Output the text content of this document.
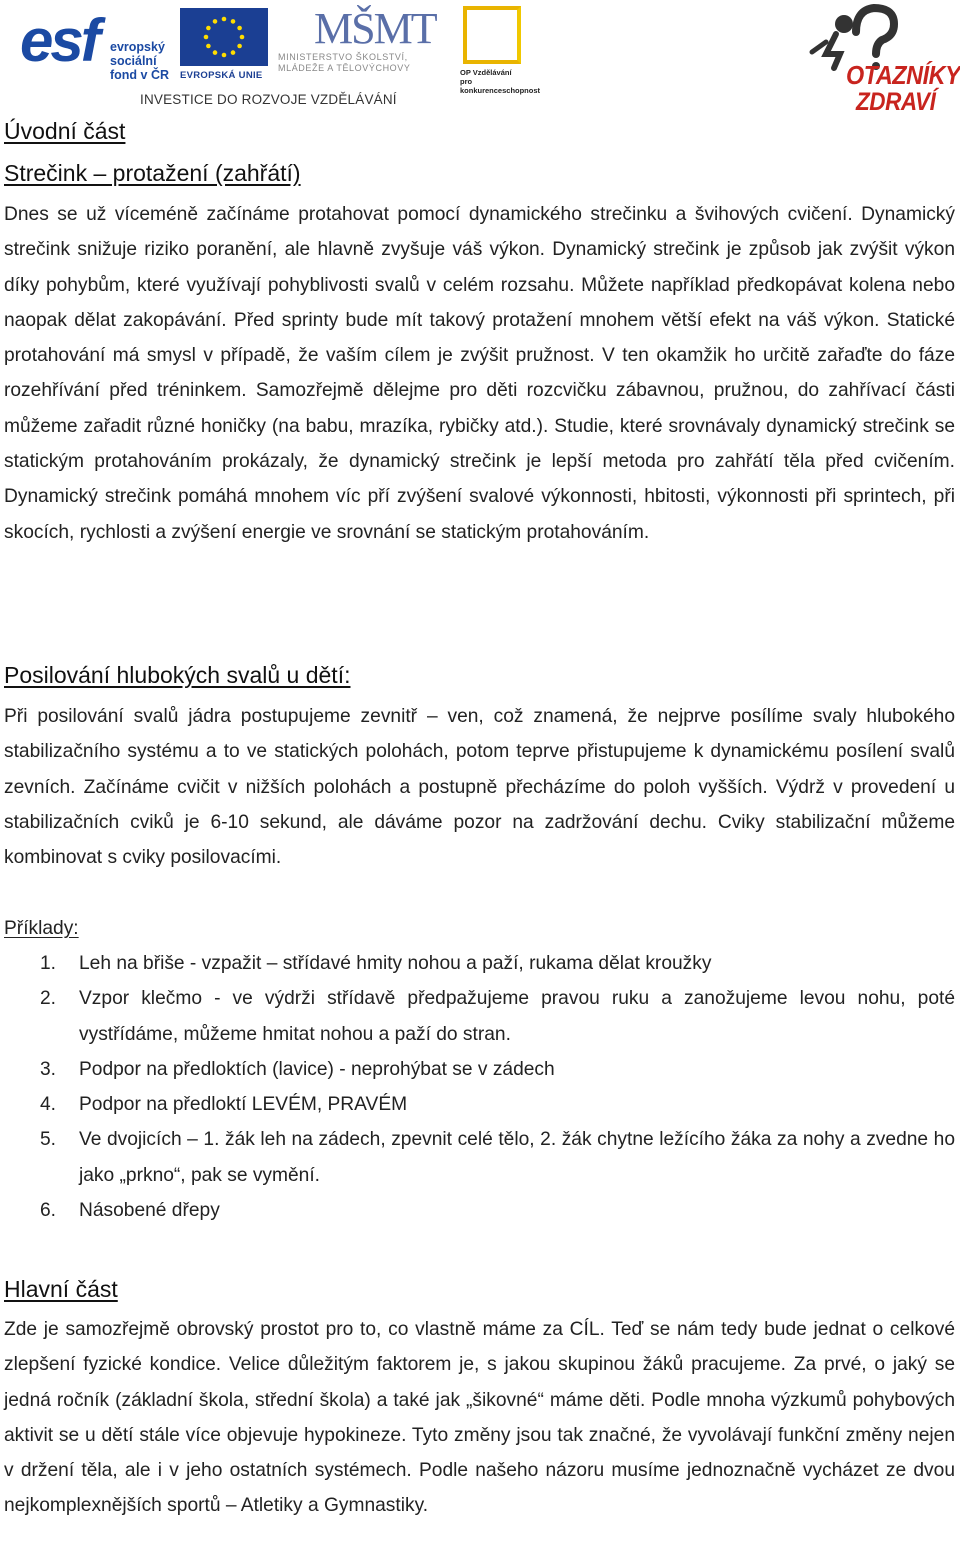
esf evropský
sociální
fond v ČR EVROPSKÁ UNIE
MŠMT
MINISTERSTVO ŠKOLSTVÍ,
MLÁDEŽE A TĚLOVÝCHOVY	OP Vzdělávání
pro konkurenceschopnost
INVESTICE DO ROZVOJE VZDĚLÁVÁNÍ
OTAZNÍKY
ZDRAVÍ
Úvodní část
Strečink – protažení (zahřátí)
Dnes se už víceméně začínáme protahovat pomocí dynamického strečinku a švihových cvičení. Dynamický strečink snižuje riziko poranění, ale hlavně zvyšuje váš výkon. Dynamický strečink je způsob jak zvýšit výkon díky pohybům, které využívají pohyblivosti svalů v celém rozsahu. Můžete například předkopávat kolena nebo naopak dělat zakopávání. Před sprinty bude mít takový protažení mnohem větší efekt na váš výkon. Statické protahování má smysl v případě, že vaším cílem je zvýšit pružnost. V ten okamžik ho určitě zařaďte do fáze rozehřívání před tréninkem. Samozřejmě dělejme pro děti rozcvičku zábavnou, pružnou, do zahřívací části můžeme zařadit různé honičky (na babu, mrazíka, rybičky atd.). Studie, které srovnávaly dynamický strečink se statickým protahováním prokázaly, že dynamický strečink je lepší metoda pro zahřátí těla před cvičením. Dynamický strečink pomáhá mnohem víc pří zvýšení svalové výkonnosti, hbitosti, výkonnosti při sprintech, při skocích, rychlosti a zvýšení energie ve srovnání se statickým protahováním.
Posilování hlubokých svalů u dětí:
Při posilování svalů jádra postupujeme zevnitř – ven, což znamená, že nejprve posílíme svaly hlubokého stabilizačního systému a to ve statických polohách, potom teprve přistupujeme k dynamickému posílení svalů zevních. Začínáme cvičit v nižších polohách a postupně přecházíme do poloh vyšších. Výdrž v provedení u stabilizačních cviků je 6-10 sekund, ale dáváme pozor na zadržování dechu. Cviky stabilizační můžeme kombinovat s cviky posilovacími.
Příklady:
1. Leh na břiše - vzpažit – střídavé hmity nohou a paží, rukama dělat kroužky
2. Vzpor klečmo - ve výdrži střídavě předpažujeme pravou ruku a zanožujeme levou nohu, poté vystřídáme, můžeme hmitat nohou a paží do stran.
3. Podpor na předloktích (lavice) - neprohýbat se v zádech
4. Podpor na předloktí LEVÉM, PRAVÉM
5. Ve dvojicích – 1. žák leh na zádech, zpevnit celé tělo, 2. žák chytne ležícího žáka za nohy a zvedne ho jako „prkno“, pak se vymění.
6. Násobené dřepy
Hlavní část
Zde je samozřejmě obrovský prostot pro to, co vlastně máme za CÍL. Teď se nám tedy bude jednat o celkové zlepšení fyzické kondice. Velice důležitým faktorem je, s jakou skupinou žáků pracujeme. Za prvé, o jaký se jedná ročník (základní škola, střední škola) a také jak „šikovné“ máme děti. Podle mnoha výzkumů pohybových aktivit se u dětí stále více objevuje hypokineze. Tyto změny jsou tak značné, že vyvolávají funkční změny nejen v držení těla, ale i v jeho ostatních systémech. Podle našeho názoru musíme jednoznačně vycházet ze dvou nejkomplexnějších sportů – Atletiky a Gymnastiky.
